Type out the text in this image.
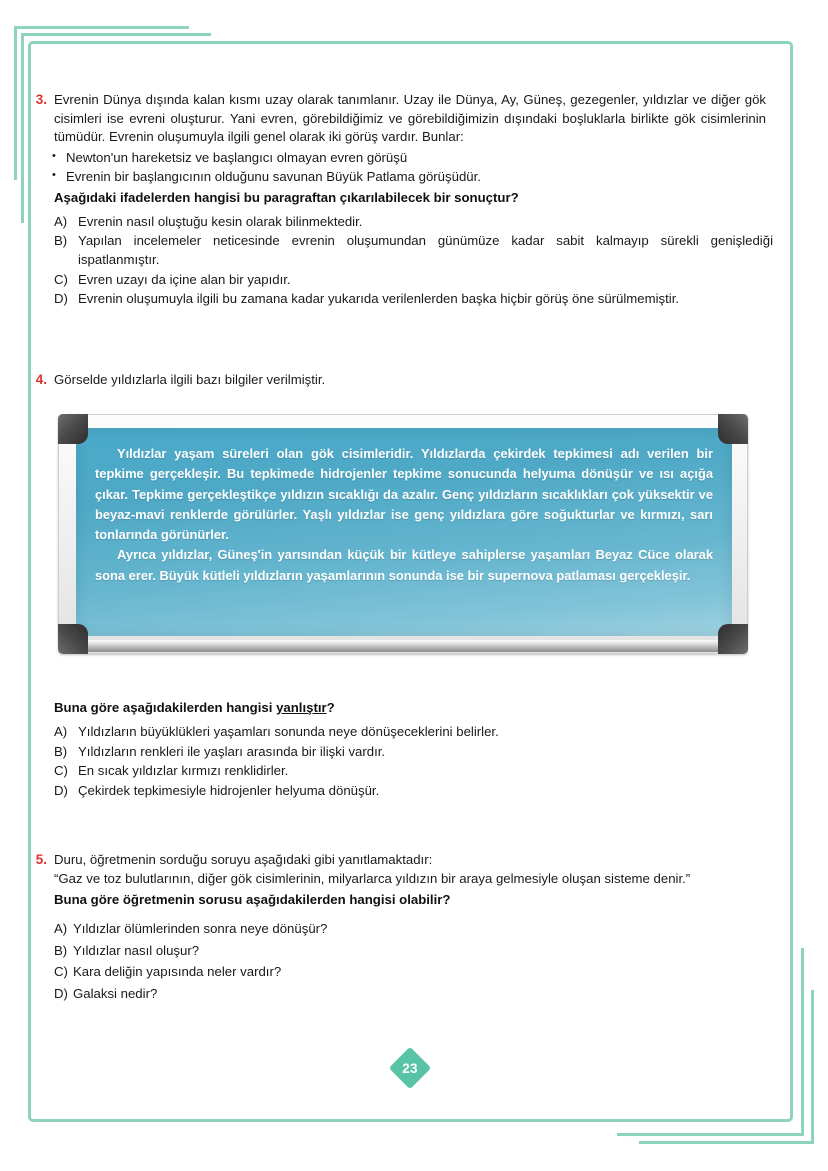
3. Evrenin Dünya dışında kalan kısmı uzay olarak tanımlanır. Uzay ile Dünya, Ay, Güneş, gezegenler, yıldızlar ve diğer gök cisimleri ise evreni oluşturur. Yani evren, görebildiğimiz ve görebildiğimizin dışındaki boşluklarla birlikte gök cisimlerinin tümüdür. Evrenin oluşumuyla ilgili genel olarak iki görüş vardır. Bunlar:
• Newton'un hareketsiz ve başlangıcı olmayan evren görüşü
• Evrenin bir başlangıcının olduğunu savunan Büyük Patlama görüşüdür.
Aşağıdaki ifadelerden hangisi bu paragraftan çıkarılabilecek bir sonuçtur?
A) Evrenin nasıl oluştuğu kesin olarak bilinmektedir.
B) Yapılan incelemeler neticesinde evrenin oluşumundan günümüze kadar sabit kalmayıp sürekli genişlediği ispatlanmıştır.
C) Evren uzayı da içine alan bir yapıdır.
D) Evrenin oluşumuyla ilgili bu zamana kadar yukarıda verilenlerden başka hiçbir görüş öne sürülmemiştir.
4. Görselde yıldızlarla ilgili bazı bilgiler verilmiştir.

Yıldızlar yaşam süreleri olan gök cisimleridir. Yıldızlarda çekirdek tepkimesi adı verilen bir tepkime gerçekleşir. Bu tepkimede hidrojenler tepkime sonucunda helyuma dönüşür ve ısı açığa çıkar. Tepkime gerçekleştikçe yıldızın sıcaklığı da azalır. Genç yıldızların sıcaklıkları çok yüksektir ve beyaz-mavi renklerde görülürler. Yaşlı yıldızlar ise genç yıldızlara göre soğukturlar ve kırmızı, sarı tonlarında görünürler.

Ayrıca yıldızlar, Güneş'in yarısından küçük bir kütleye sahiplerse yaşamları Beyaz Cüce olarak sona erer. Büyük kütleli yıldızların yaşamlarının sonunda ise bir supernova patlaması gerçekleşir.

Buna göre aşağıdakilerden hangisi yanlıştır?
A) Yıldızların büyüklükleri yaşamları sonunda neye dönüşeceklerini belirler.
B) Yıldızların renkleri ile yaşları arasında bir ilişki vardır.
C) En sıcak yıldızlar kırmızı renklidirler.
D) Çekirdek tepkimesiyle hidrojenler helyuma dönüşür.
5. Duru, öğretmenin sorduğu soruyu aşağıdaki gibi yanıtlamaktadır:
“Gaz ve toz bulutlarının, diğer gök cisimlerinin, milyarlarca yıldızın bir araya gelmesiyle oluşan sisteme denir.”
Buna göre öğretmenin sorusu aşağıdakilerden hangisi olabilir?
A) Yıldızlar ölümlerinden sonra neye dönüşür?
B) Yıldızlar nasıl oluşur?
C) Kara deliğin yapısında neler vardır?
D) Galaksi nedir?
23
